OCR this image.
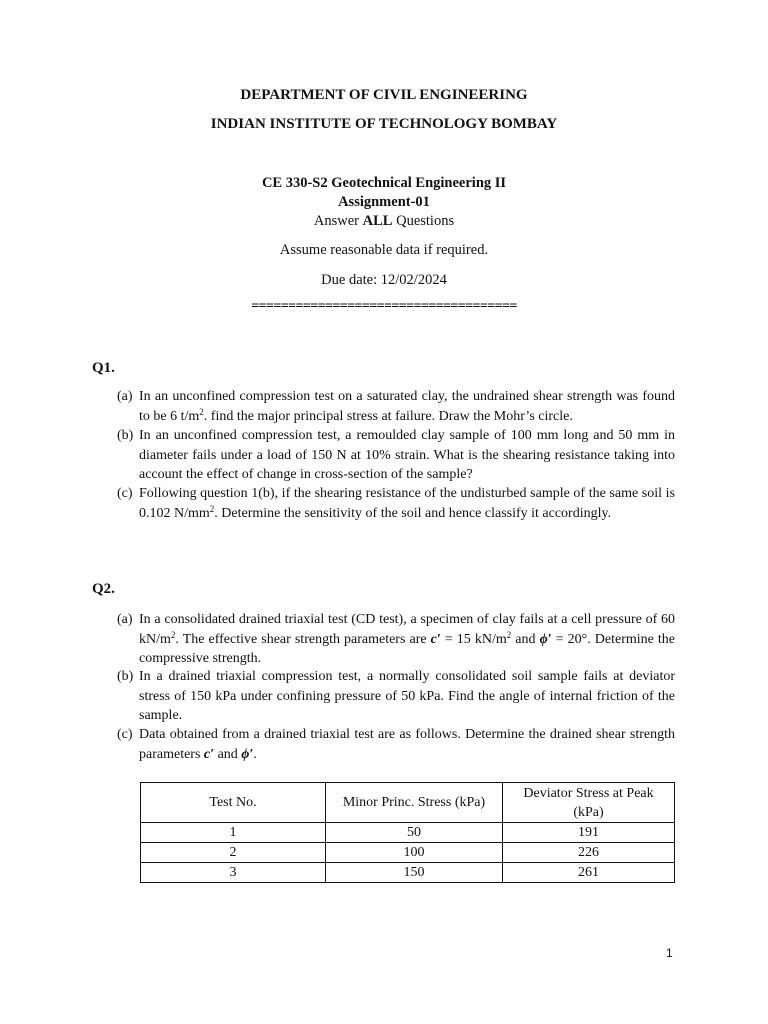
DEPARTMENT OF CIVIL ENGINEERING
INDIAN INSTITUTE OF TECHNOLOGY BOMBAY
CE 330-S2 Geotechnical Engineering II
Assignment-01
Answer ALL Questions
Assume reasonable data if required.
Due date: 12/02/2024
====================================
Q1.
(a) In an unconfined compression test on a saturated clay, the undrained shear strength was found to be 6 $t/m^2$. find the major principal stress at failure. Draw the Mohr’s circle.
(b) In an unconfined compression test, a remoulded clay sample of 100 mm long and 50 mm in diameter fails under a load of 150 N at 10% strain. What is the shearing resistance taking into account the effect of change in cross-section of the sample?
(c) Following question 1(b), if the shearing resistance of the undisturbed sample of the same soil is 0.102 $N/mm^2$. Determine the sensitivity of the soil and hence classify it accordingly.
Q2.
(a) In a consolidated drained triaxial test (CD test), a specimen of clay fails at a cell pressure of 60 $kN/m^2$. The effective shear strength parameters are c′ = 15 $kN/m^2$ and ϕ′ = 20°. Determine the compressive strength.
(b) In a drained triaxial compression test, a normally consolidated soil sample fails at deviator stress of 150 kPa under confining pressure of 50 kPa. Find the angle of internal friction of the sample.
(c) Data obtained from a drained triaxial test are as follows. Determine the drained shear strength parameters c′ and ϕ′.
Test No.	Minor Princ. Stress (kPa)	Deviator Stress at Peak (kPa)
1	50	191
2	100	226
3	150	261
1
